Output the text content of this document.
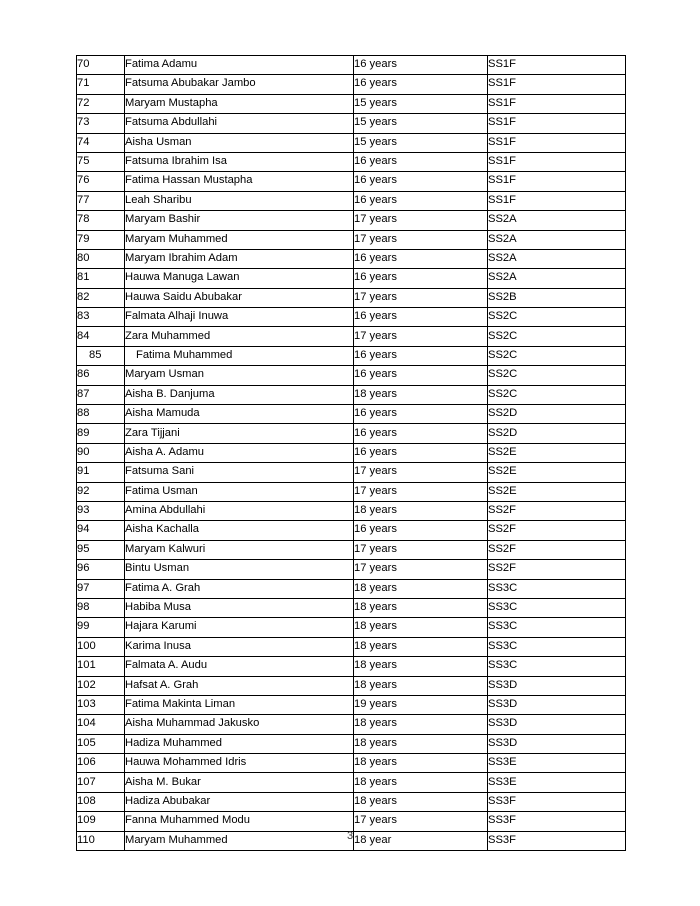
70	Fatima Adamu	16 years	SS1F
71	Fatsuma Abubakar Jambo	16 years	SS1F
72	Maryam Mustapha	15 years	SS1F
73	Fatsuma Abdullahi	15 years	SS1F
74	Aisha Usman	15 years	SS1F
75	Fatsuma Ibrahim Isa	16 years	SS1F
76	Fatima Hassan Mustapha	16 years	SS1F
77	Leah Sharibu	16 years	SS1F
78	Maryam Bashir	17 years	SS2A
79	Maryam Muhammed	17 years	SS2A
80	Maryam Ibrahim Adam	16 years	SS2A
81	Hauwa Manuga Lawan	16 years	SS2A
82	Hauwa Saidu Abubakar	17 years	SS2B
83	Falmata Alhaji Inuwa	16 years	SS2C
84	Zara Muhammed	17 years	SS2C
85	Fatima Muhammed	16 years	SS2C
86	Maryam Usman	16 years	SS2C
87	Aisha B. Danjuma	18 years	SS2C
88	Aisha Mamuda	16 years	SS2D
89	Zara Tijjani	16 years	SS2D
90	Aisha A. Adamu	16 years	SS2E
91	Fatsuma Sani	17 years	SS2E
92	Fatima Usman	17 years	SS2E
93	Amina Abdullahi	18 years	SS2F
94	Aisha Kachalla	16 years	SS2F
95	Maryam Kalwuri	17 years	SS2F
96	Bintu Usman	17 years	SS2F
97	Fatima A. Grah	18 years	SS3C
98	Habiba Musa	18 years	SS3C
99	Hajara Karumi	18 years	SS3C
100	Karima Inusa	18 years	SS3C
101	Falmata A. Audu	18 years	SS3C
102	Hafsat A. Grah	18 years	SS3D
103	Fatima Makinta Liman	19 years	SS3D
104	Aisha Muhammad Jakusko	18 years	SS3D
105	Hadiza Muhammed	18 years	SS3D
106	Hauwa Mohammed Idris	18 years	SS3E
107	Aisha M. Bukar	18 years	SS3E
108	Hadiza Abubakar	18 years	SS3F
109	Fanna Muhammed Modu	17 years	SS3F
110	Maryam Muhammed	18 year	SS3F
3
